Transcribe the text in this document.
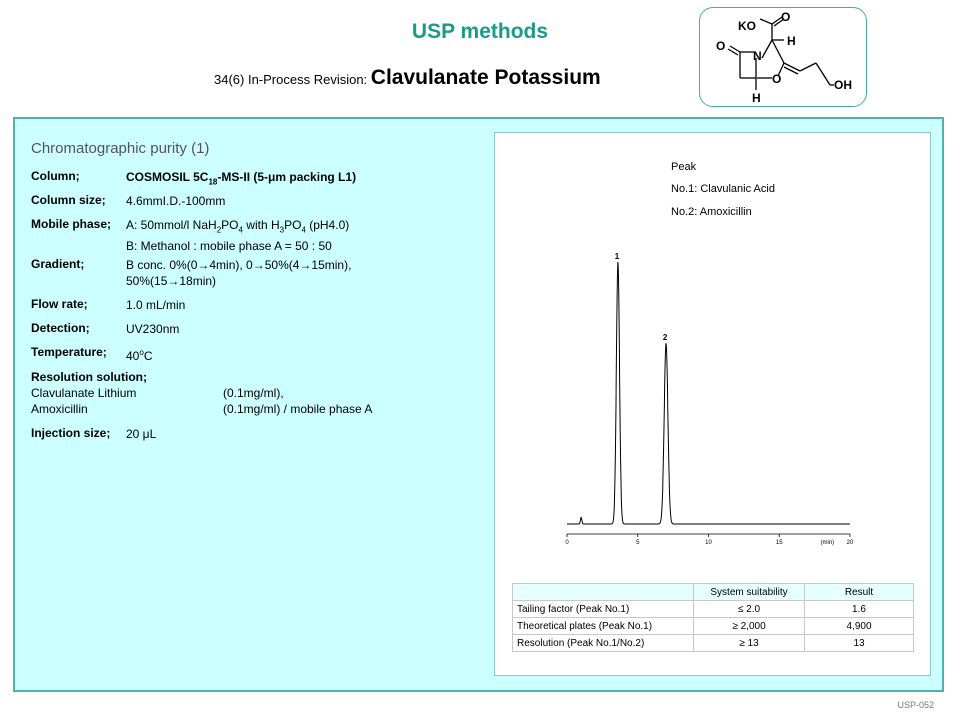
USP methods
34(6) In-Process Revision: Clavulanate Potassium
KO
O
O	H
N
O
H
OH
Chromatographic purity (1)
Column;	COSMOSIL $5C_{18}-MS-II$ (5-μm packing L1)
Column size; 4.6mmI.D.-100mm
Mobile phase; A: 50mmol/l $NaH_2PO_4$ with $H_3PO_4$ (pH4.0)
B: Methanol : mobile phase A = 50 : 50
Gradient;	B conc. 0%(0→4min), 0→50%(4→15min),
50%(15→18min)
Flow rate;	1.0 mL/min
Detection;	UV230nm
Temperature; 40$^o$C
Resolution solution;
Clavulanate Lithium	(0.1mg/ml),
Amoxicillin	(0.1mg/ml) / mobile phase A
Injection size; 20 μL
Peak
No.1: Clavulanic Acid
No.2: Amoxicillin
0	5	10	15	20
(min)
1
2
	System suitability	Result
Tailing factor (Peak No.1)	≤ 2.0	1.6
Theoretical plates (Peak No.1)	≥ 2,000	4,900
Resolution (Peak No.1/No.2)	≥ 13	13
USP-052
